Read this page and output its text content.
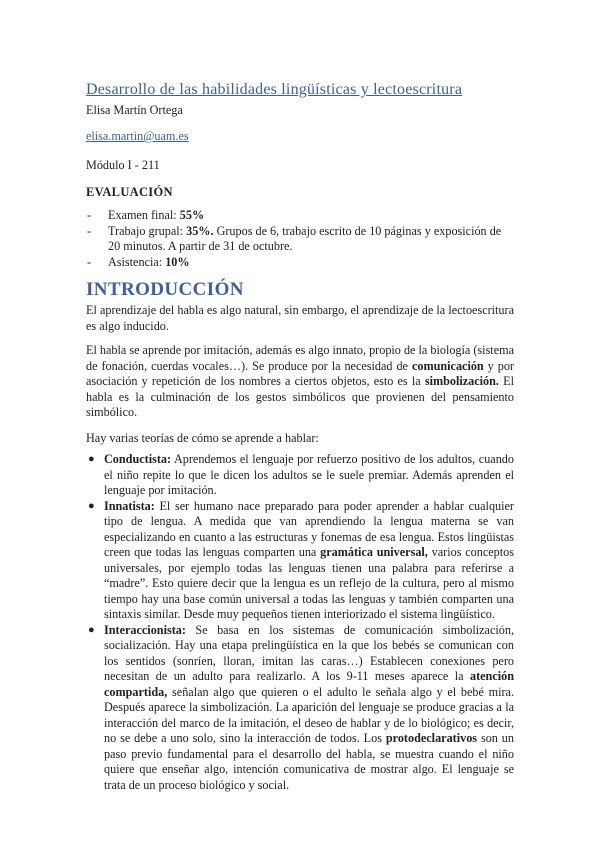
Desarrollo de las habilidades lingüísticas y lectoescritura
Elisa Martín Ortega
elisa.martin@uam.es
Módulo I - 211
EVALUACIÓN
- Examen final: 55%
- Trabajo grupal: 35%. Grupos de 6, trabajo escrito de 10 páginas y exposición de 20 minutos. A partir de 31 de octubre.
- Asistencia: 10%
INTRODUCCIÓN

El aprendizaje del habla es algo natural, sin embargo, el aprendizaje de la lectoescritura es algo inducido.

El habla se aprende por imitación, además es algo innato, propio de la biología (sistema de fonación, cuerdas vocales…). Se produce por la necesidad de comunicación y por asociación y repetición de los nombres a ciertos objetos, esto es la simbolización. El habla es la culminación de los gestos simbólicos que provienen del pensamiento simbólico.

Hay varias teorías de cómo se aprende a hablar:

● Conductista: Aprendemos el lenguaje por refuerzo positivo de los adultos, cuando el niño repite lo que le dicen los adultos se le suele premiar. Además aprenden el lenguaje por imitación.
● Innatista: El ser humano nace preparado para poder aprender a hablar cualquier tipo de lengua. A medida que van aprendiendo la lengua materna se van especializando en cuanto a las estructuras y fonemas de esa lengua. Estos lingüistas creen que todas las lenguas comparten una gramática universal, varios conceptos universales, por ejemplo todas las lenguas tienen una palabra para referirse a “madre”. Esto quiere decir que la lengua es un reflejo de la cultura, pero al mismo tiempo hay una base común universal a todas las lenguas y también comparten una sintaxis similar. Desde muy pequeños tienen interiorizado el sistema lingüístico.
● Interaccionista: Se basa en los sistemas de comunicación simbolización, socialización. Hay una etapa prelingüística en la que los bebés se comunican con los sentidos (sonríen, lloran, imitan las caras…) Establecen conexiones pero necesitan de un adulto para realizarlo. A los 9-11 meses aparece la atención compartida, señalan algo que quieren o el adulto le señala algo y el bebé mira. Después aparece la simbolización. La aparición del lenguaje se produce gracias a la interacción del marco de la imitación, el deseo de hablar y de lo biológico; es decir, no se debe a uno solo, sino la interacción de todos. Los protodeclarativos son un paso previo fundamental para el desarrollo del habla, se muestra cuando el niño quiere que enseñar algo, intención comunicativa de mostrar algo. El lenguaje se trata de un proceso biológico y social.
